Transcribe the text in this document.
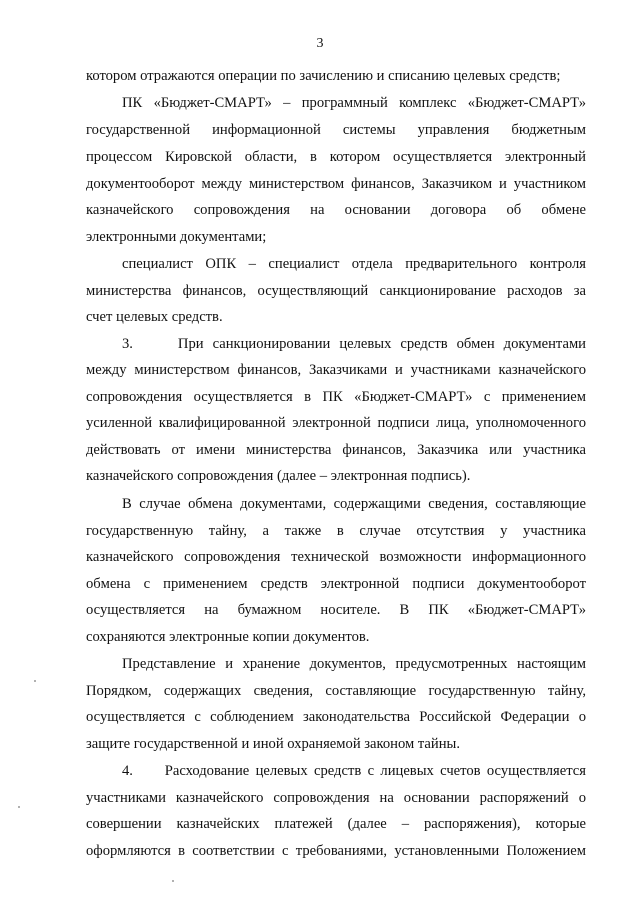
3
котором отражаются операции по зачислению и списанию целевых средств;
ПК «Бюджет-СМАРТ» – программный комплекс «Бюджет-СМАРТ»
государственной информационной системы управления бюджетным
процессом Кировской области, в котором осуществляется электронный
документооборот между министерством финансов, Заказчиком и участником
казначейского сопровождения на основании договора об обмене
электронными документами;
специалист ОПК – специалист отдела предварительного контроля
министерства финансов, осуществляющий санкционирование расходов за
счет целевых средств.
3.     При санкционировании целевых средств обмен документами
между министерством финансов, Заказчиками и участниками казначейского
сопровождения осуществляется в ПК «Бюджет-СМАРТ» с применением
усиленной квалифицированной электронной подписи лица, уполномоченного
действовать от имени министерства финансов, Заказчика или участника
казначейского сопровождения (далее – электронная подпись).
В случае обмена документами, содержащими сведения, составляющие
государственную тайну, а также в случае отсутствия у участника
казначейского сопровождения технической возможности информационного
обмена с применением средств электронной подписи документооборот
осуществляется на бумажном носителе. В ПК «Бюджет-СМАРТ»
сохраняются электронные копии документов.
Представление и хранение документов, предусмотренных настоящим
Порядком, содержащих сведения, составляющие государственную тайну,
осуществляется с соблюдением законодательства Российской Федерации о
защите государственной и иной охраняемой законом тайны.
4.     Расходование целевых средств с лицевых счетов осуществляется
участниками казначейского сопровождения на основании распоряжений о
совершении казначейских платежей (далее – распоряжения), которые
оформляются в соответствии с требованиями, установленными Положением
